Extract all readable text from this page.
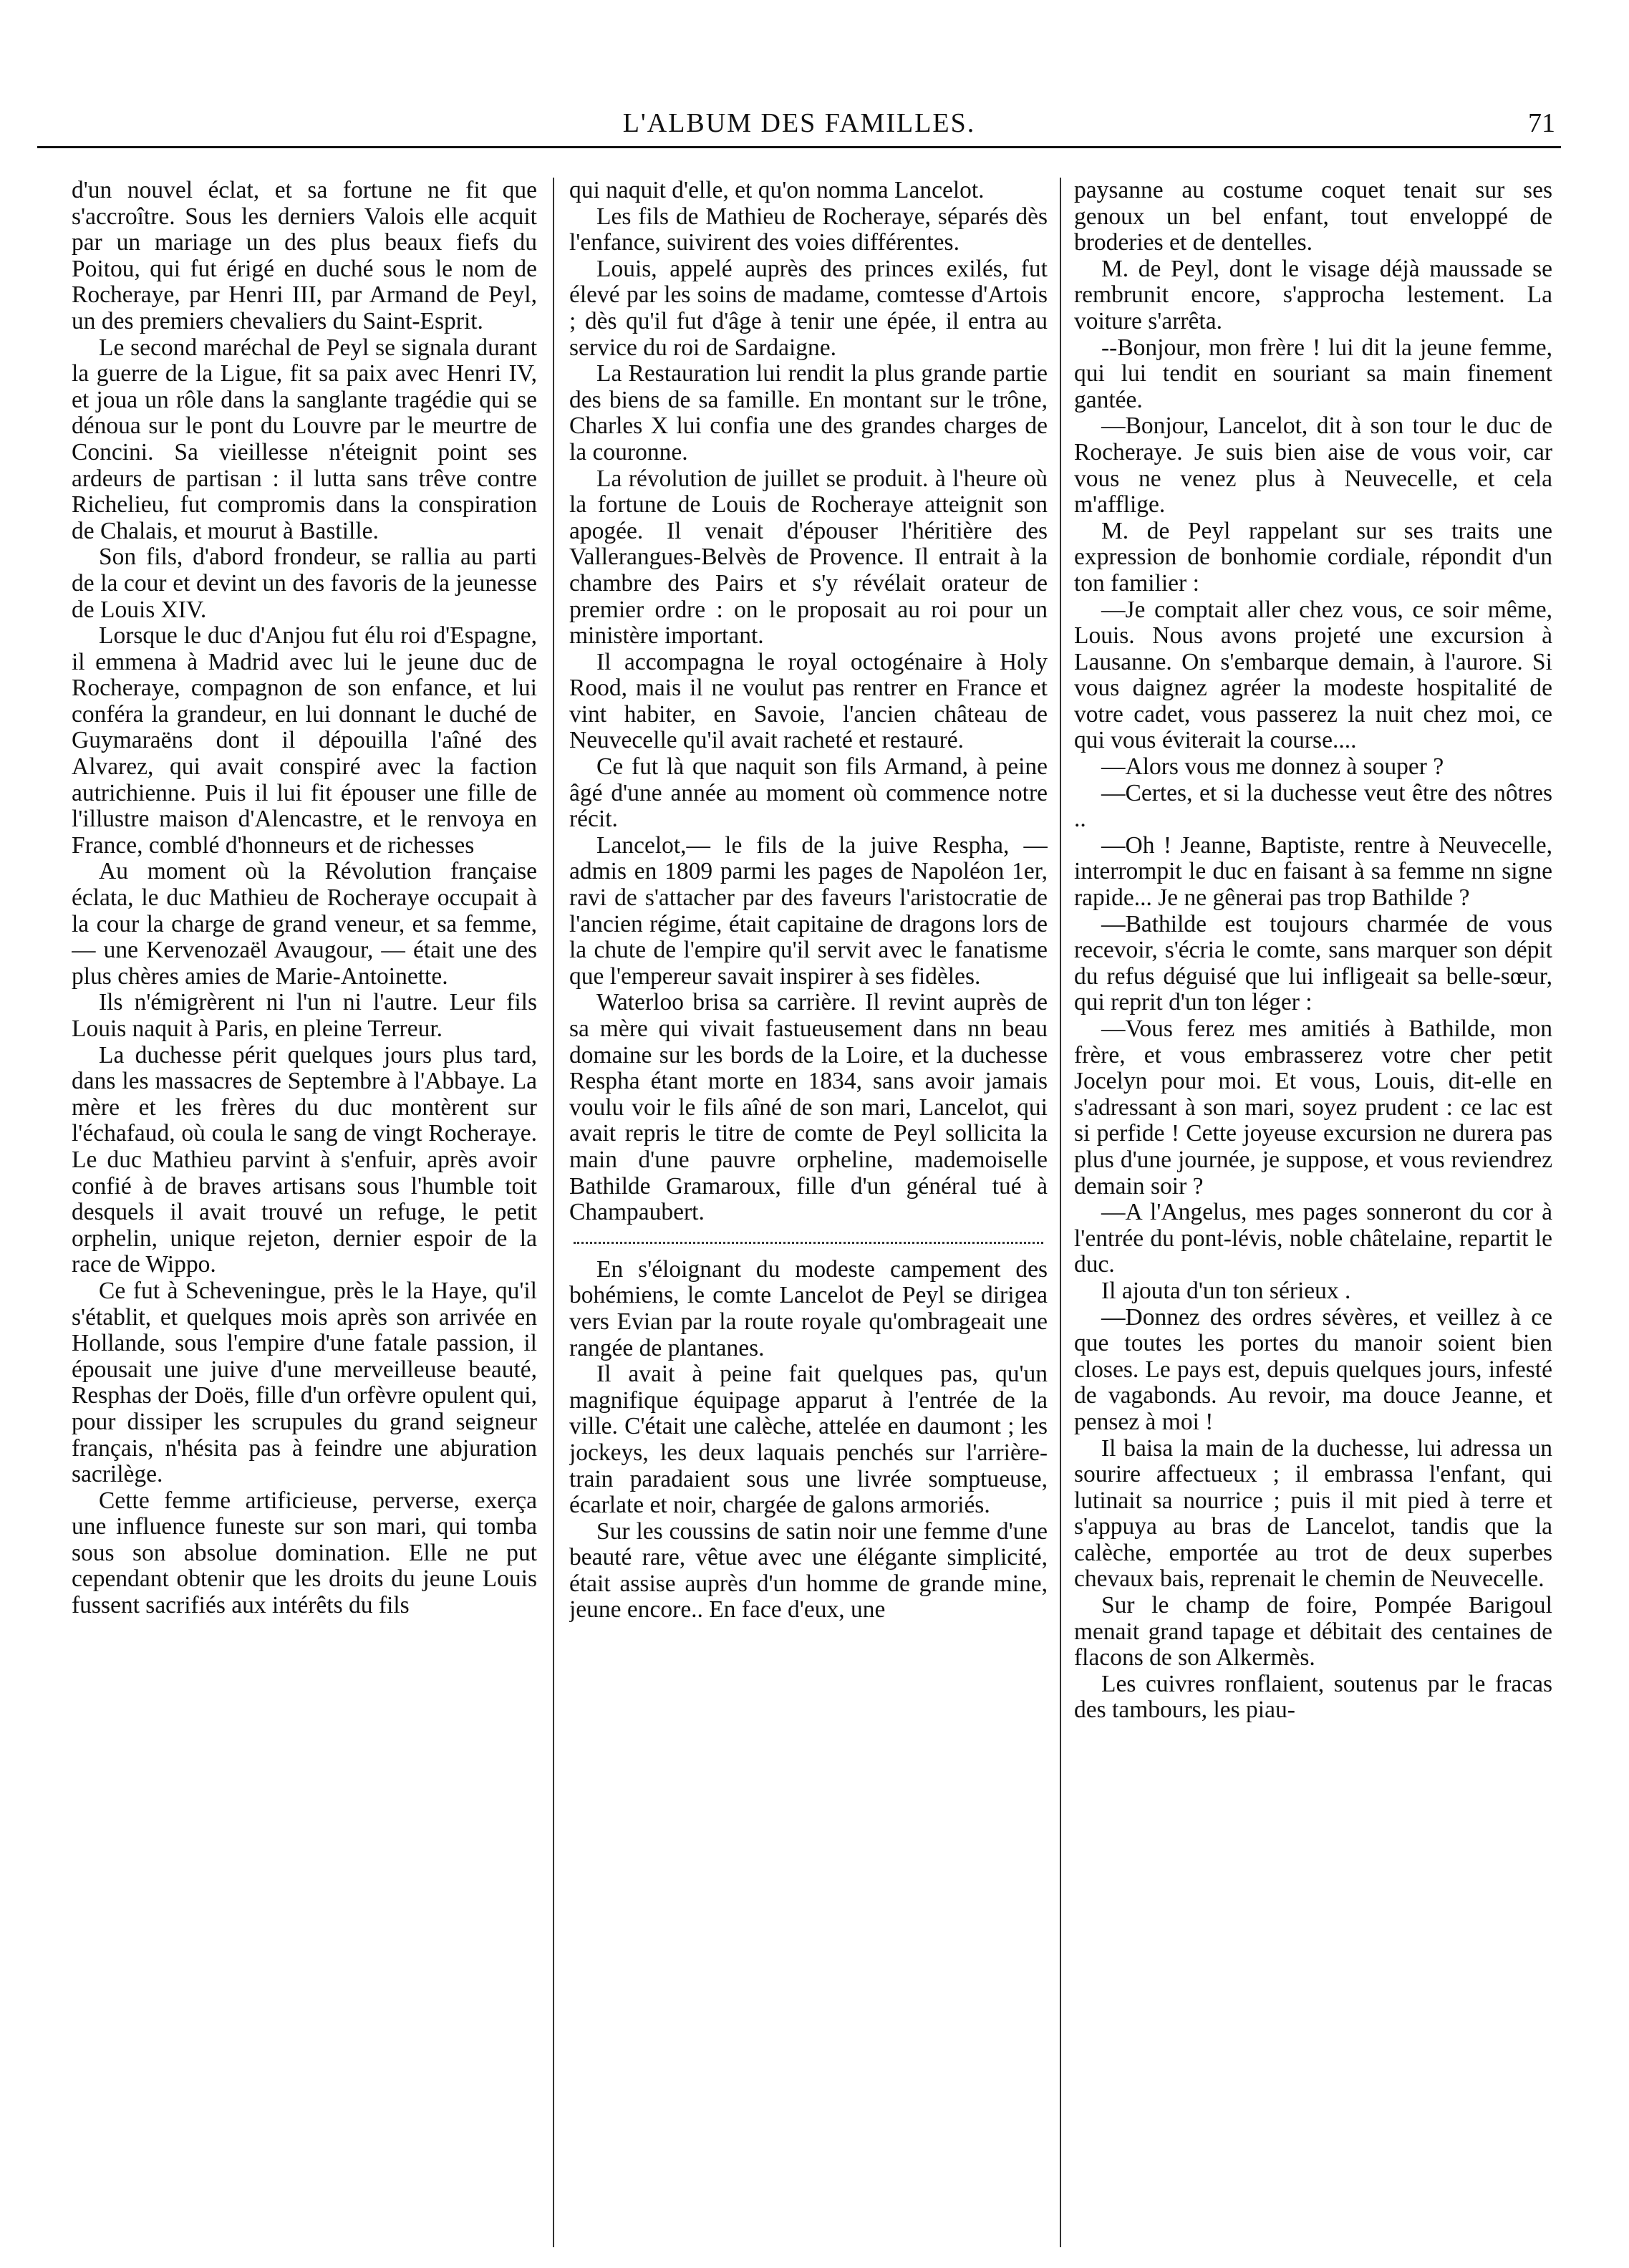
L'ALBUM DES FAMILLES.	71

d'un nouvel éclat, et sa fortune ne fit que s'accroître. Sous les derniers Valois elle acquit par un mariage un des plus beaux fiefs du Poitou, qui fut érigé en duché sous le nom de Rocheraye, par Henri III, par Armand de Peyl, un des premiers chevaliers du Saint-Esprit.

Le second maréchal de Peyl se signala durant la guerre de la Ligue, fit sa paix avec Henri IV, et joua un rôle dans la sanglante tragédie qui se dénoua sur le pont du Louvre par le meurtre de Concini. Sa vieillesse n'éteignit point ses ardeurs de partisan : il lutta sans trêve contre Richelieu, fut compromis dans la conspiration de Chalais, et mourut à Bastille.

Son fils, d'abord frondeur, se rallia au parti de la cour et devint un des favoris de la jeunesse de Louis XIV.

Lorsque le duc d'Anjou fut élu roi d'Espagne, il emmena à Madrid avec lui le jeune duc de Rocheraye, compagnon de son enfance, et lui conféra la grandeur, en lui donnant le duché de Guymaraëns dont il dépouilla l'aîné des Alvarez, qui avait conspiré avec la faction autrichienne. Puis il lui fit épouser une fille de l'illustre maison d'Alencastre, et le renvoya en France, comblé d'honneurs et de richesses

Au moment où la Révolution française éclata, le duc Mathieu de Rocheraye occupait à la cour la charge de grand veneur, et sa femme, — une Kervenozaël Avaugour, — était une des plus chères amies de Marie-Antoinette.

Ils n'émigrèrent ni l'un ni l'autre. Leur fils Louis naquit à Paris, en pleine Terreur.

La duchesse périt quelques jours plus tard, dans les massacres de Septembre à l'Abbaye. La mère et les frères du duc montèrent sur l'échafaud, où coula le sang de vingt Rocheraye. Le duc Mathieu parvint à s'enfuir, après avoir confié à de braves artisans sous l'humble toit desquels il avait trouvé un refuge, le petit orphelin, unique rejeton, dernier espoir de la race de Wippo.

Ce fut à Scheveningue, près le la Haye, qu'il s'établit, et quelques mois après son arrivée en Hollande, sous l'empire d'une fatale passion, il épousait une juive d'une merveilleuse beauté, Resphas der Doës, fille d'un orfèvre opulent qui, pour dissiper les scrupules du grand seigneur français, n'hésita pas à feindre une abjuration sacrilège.

Cette femme artificieuse, perverse, exerça une influence funeste sur son mari, qui tomba sous son absolue domination. Elle ne put cependant obtenir que les droits du jeune Louis fussent sacrifiés aux intérêts du fils

qui naquit d'elle, et qu'on nomma Lancelot.

Les fils de Mathieu de Rocheraye, séparés dès l'enfance, suivirent des voies différentes.

Louis, appelé auprès des princes exilés, fut élevé par les soins de madame, comtesse d'Artois ; dès qu'il fut d'âge à tenir une épée, il entra au service du roi de Sardaigne.

La Restauration lui rendit la plus grande partie des biens de sa famille. En montant sur le trône, Charles X lui confia une des grandes charges de la couronne.

La révolution de juillet se produit. à l'heure où la fortune de Louis de Rocheraye atteignit son apogée. Il venait d'épouser l'héritière des Vallerangues-Belvès de Provence. Il entrait à la chambre des Pairs et s'y révélait orateur de premier ordre : on le proposait au roi pour un ministère important.

Il accompagna le royal octogénaire à Holy Rood, mais il ne voulut pas rentrer en France et vint habiter, en Savoie, l'ancien château de Neuvecelle qu'il avait racheté et restauré.

Ce fut là que naquit son fils Armand, à peine âgé d'une année au moment où commence notre récit.

Lancelot,— le fils de la juive Respha, — admis en 1809 parmi les pages de Napoléon 1er, ravi de s'attacher par des faveurs l'aristocratie de l'ancien régime, était capitaine de dragons lors de la chute de l'empire qu'il servit avec le fanatisme que l'empereur savait inspirer à ses fidèles.

Waterloo brisa sa carrière. Il revint auprès de sa mère qui vivait fastueusement dans nn beau domaine sur les bords de la Loire, et la duchesse Respha étant morte en 1834, sans avoir jamais voulu voir le fils aîné de son mari, Lancelot, qui avait repris le titre de comte de Peyl sollicita la main d'une pauvre orpheline, mademoiselle Bathilde Gramaroux, fille d'un général tué à Champaubert.

En s'éloignant du modeste campement des bohémiens, le comte Lancelot de Peyl se dirigea vers Evian par la route royale qu'ombrageait une rangée de plantanes.

Il avait à peine fait quelques pas, qu'un magnifique équipage apparut à l'entrée de la ville. C'était une calèche, attelée en daumont ; les jockeys, les deux laquais penchés sur l'arrière-train paradaient sous une livrée somptueuse, écarlate et noir, chargée de galons armoriés.

Sur les coussins de satin noir une femme d'une beauté rare, vêtue avec une élégante simplicité, était assise auprès d'un homme de grande mine, jeune encore.. En face d'eux, une

paysanne au costume coquet tenait sur ses genoux un bel enfant, tout enveloppé de broderies et de dentelles.

M. de Peyl, dont le visage déjà maussade se rembrunit encore, s'approcha lestement. La voiture s'arrêta.

--Bonjour, mon frère ! lui dit la jeune femme, qui lui tendit en souriant sa main finement gantée.

—Bonjour, Lancelot, dit à son tour le duc de Rocheraye. Je suis bien aise de vous voir, car vous ne venez plus à Neuvecelle, et cela m'afflige.

M. de Peyl rappelant sur ses traits une expression de bonhomie cordiale, répondit d'un ton familier :

—Je comptait aller chez vous, ce soir même, Louis. Nous avons projeté une excursion à Lausanne. On s'embarque demain, à l'aurore. Si vous daignez agréer la modeste hospitalité de votre cadet, vous passerez la nuit chez moi, ce qui vous éviterait la course....

—Alors vous me donnez à souper ?

—Certes, et si la duchesse veut être des nôtres ..

—Oh ! Jeanne, Baptiste, rentre à Neuvecelle, interrompit le duc en faisant à sa femme nn signe rapide... Je ne gênerai pas trop Bathilde ?

—Bathilde est toujours charmée de vous recevoir, s'écria le comte, sans marquer son dépit du refus déguisé que lui infligeait sa belle-sœur, qui reprit d'un ton léger :

—Vous ferez mes amitiés à Bathilde, mon frère, et vous embrasserez votre cher petit Jocelyn pour moi. Et vous, Louis, dit-elle en s'adressant à son mari, soyez prudent : ce lac est si perfide ! Cette joyeuse excursion ne durera pas plus d'une journée, je suppose, et vous reviendrez demain soir ?

—A l'Angelus, mes pages sonneront du cor à l'entrée du pont-lévis, noble châtelaine, repartit le duc.

Il ajouta d'un ton sérieux .

—Donnez des ordres sévères, et veillez à ce que toutes les portes du manoir soient bien closes. Le pays est, depuis quelques jours, infesté de vagabonds. Au revoir, ma douce Jeanne, et pensez à moi !

Il baisa la main de la duchesse, lui adressa un sourire affectueux ; il embrassa l'enfant, qui lutinait sa nourrice ; puis il mit pied à terre et s'appuya au bras de Lancelot, tandis que la calèche, emportée au trot de deux superbes chevaux bais, reprenait le chemin de Neuvecelle.

Sur le champ de foire, Pompée Barigoul menait grand tapage et débitait des centaines de flacons de son Alkermès.

Les cuivres ronflaient, soutenus par le fracas des tambours, les piau-
